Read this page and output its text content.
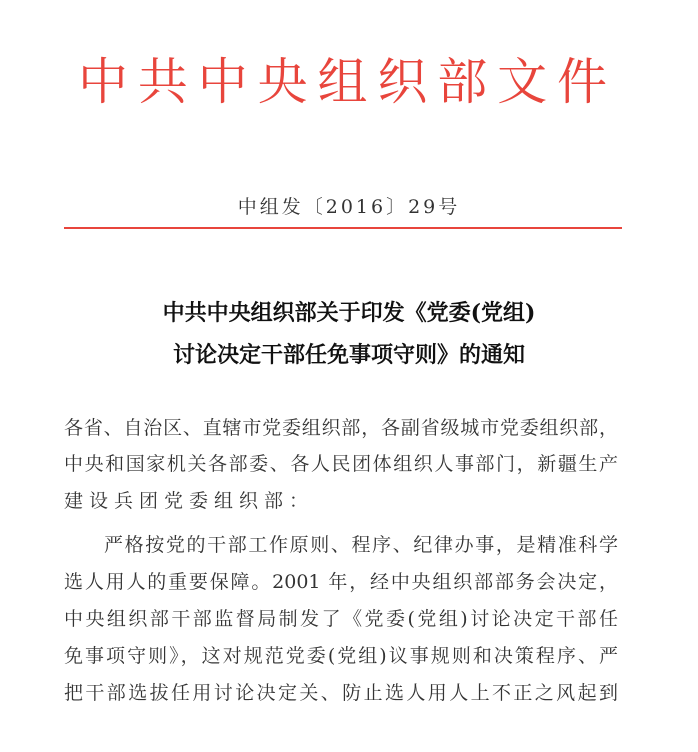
中共中央组织部文件
中组发〔2016〕29号
中共中央组织部关于印发《党委(党组)
讨论决定干部任免事项守则》的通知
各省、自治区、直辖市党委组织部，各副省级城市党委组织部，
中央和国家机关各部委、各人民团体组织人事部门，新疆生产
建设兵团党委组织部：
严格按党的干部工作原则、程序、纪律办事，是精准科学
选人用人的重要保障。2001 年，经中央组织部部务会决定，
中央组织部干部监督局制发了《党委(党组)讨论决定干部任
免事项守则》，这对规范党委(党组)议事规则和决策程序、严
把干部选拔任用讨论决定关、防止选人用人上不正之风起到
